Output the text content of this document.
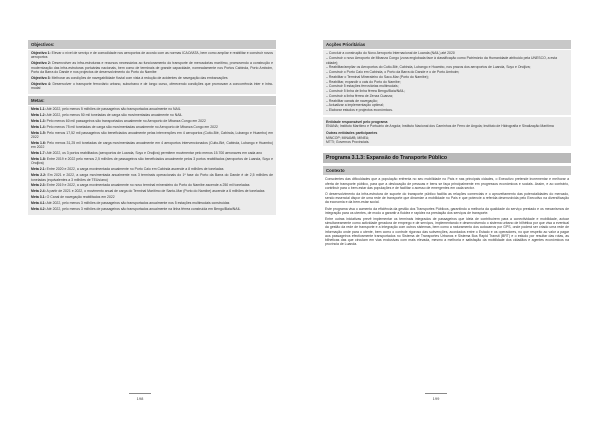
Objectivos:

Objectivo 1: Elevar o nível de serviço e de comodidade nos aeroportos de acordo com as normas ICAO/IATA, bem como ampliar e reabilitar e construir novos aeroportos

Objectivo 2: Desenvolver as infra-estruturas e recursos necessários ao funcionamento do transporte de mercadorias marítimo, promovendo a construção e modernização das infra-estruturas portuárias nacionais, bem como de terminais de grande capacidade, nomeadamente nos Portos Cabinda, Porto Amboim, Porto da Barra do Dande e nos projectos de desenvolvimento do Porto do Namibe

Objectivo 3: Melhorar as condições de navegabilidade fluvial com vista à redução de acidentes de navegação das embarcações

Objectivo 4: Desenvolver o transporte ferroviário urbano, suburbano e de longo curso, oferecendo condições que promovam a concorrência inter e intra-modal

Metas:

Meta 1.1: Até 2022, pelo menos 5 milhões de passageiros são transportados anualmente no NAIL

Meta 1.2: Até 2022, pelo menos 50 mil toneladas de carga são movimentadas anualmente no NAIL

Meta 1.3: Pelo menos 60 mil passageiros são transportados anualmente no Aeroporto de Mbanza Congo em 2022

Meta 1.4: Pelo menos 75 mil toneladas de carga são movimentadas anualmente no Aeroporto de Mbanza Congo em 2022

Meta 1.5: Pelo menos 17,52 mil passageiros são beneficiados anualmente pelas intervenções em 4 aeroportos (Cuito-Bié, Cabinda, Lubango e Huambo) em 2022

Meta 1.6: Pelo menos 31,25 mil toneladas de carga movimentadas anualmente em 4 aeroportos intervencionados (Cuito-Bié, Cabinda, Lubango e Huambo) em 2022

Meta 1.7: Até 2022, os 3 portos reabilitados (aeroportos de Luanda, Soyo e Ondjiva) permitem movimentar pelo menos 15.700 aeronaves em cada ano

Meta 1.8: Entre 2019 e 2022 pelo menos 2,5 milhões de passageiros são beneficiados anualmente pelos 3 portos reabilitados (aeroportos de Luanda, Soyo e Ondjiva)

Meta 2.1: Entre 2020 e 2022, a carga movimentada anualmente no Porto Caio em Cabinda ascende a 8 milhões de toneladas

Meta 2.2: Em 2021 e 2022, a carga movimentada anualmente nos 3 terminais operacionais do 1º fase do Porto da Barra do Dande é de 2,5 milhões de toneladas (equivalentes a 3 milhões de TEUs/ano)

Meta 2.3: Entre 2019 e 2022, a carga movimentada anualmente no novo terminal mineraleiro do Porto do Namibe ascende a 250 mil toneladas

Meta 2.4: A partir de 2021 e 2022, o movimento anual de carga do Terminal Marítimo de Santo-Mar (Porto do Namibe) ascende a 6 milhões de toneladas

Meta 3.1: O Canal de navegação reabilitados em 2022

Meta 4.1: Até 2022, pelo menos 3 milhões de passageiros são transportados anualmente nos 5 estações multimodais construídas

Meta 4.2: Até 2022, pelo menos 3 milhões de passageiros são transportados anualmente na linha férrea construída em Bengo/Baía/NAIL

198
Acções Prioritárias
– Concluir a construção do Novo Aeroporto Internacional de Luanda (NAIL) até 2020
– Construir o novo Aeroporto de Mbanza Congo (zona englobada face à classificação como Património da Humanidade atribuído pela UNESCO, a esta cidade);
– Reabilitar/ampliar os Aeroportos do Cuito-Bié, Cabinda, Lubango e Huambo, nos prazos dos aeroportos de Luanda, Soyo e Ondjiva;
– Construir o Porto Caio em Cabinda, o Porto da Barra do Dande e o de Porto Amboim;
– Reabilitar o Terminal Mineraleiro do Saco-Mar (Porto do Namibe);
– Reabilitar, expandir o cais do Porto do Namibe;
– Construir 5 estações ferroviárias multimodais;
– Construir 5 linha de linha férrea Bengo/Baía/NAIL;
– Construir a linha férrea de Zenza Cuanza;
– Reabilitar canais de navegação;
– Actualizar a implementação optimal;
– Elaborar estudos e projectos económicos.
Entidade responsável pelo programa
ENANA; Instituto Marítimo e Portuário de Angola; Instituto Nacional dos Caminhos de Ferro de Angola; Instituto de Hidrografia e Sinalização Marítima
Outras entidades participantes
MINCOP; MINAMB; MINEA;
MTTI; Governos Provinciais.
Programa 3.1.3: Expansão do Transporte Público
Contexto

Conscientes das dificuldades que a população enfrenta no seu mobilidade no País e nas principais cidades, o Executivo pretende incrementar e melhorar a oferta de transporte público, para que a deslocação de pessoas e bens se faça principalmente em progressos económicos e sociais. Assim, e ao contrário, contribuir para o bem-estar das populações e de facilitar o acesso de emergentes em cada sector.

O desenvolvimento da infra-estrutura de suporte do transporte público facilita as relações comerciais e o aproveitamento das potencialidades do mercado, sendo essencial dispor de uma rede de transporte que dinamize a mobilidade no País e que potencie a referida desenvolvida pelo Executivo na diversificação da economia e da bem-estar social.

Este programa visa o aumento da eficiência da gestão dos Transportes Públicos, garantindo a melhoria da qualidade do serviço prestado e os mecanismos de integração para os utentes, de modo a garantir a fluidez e rapidez na prestação dos serviços de transporte.

Entre outras iniciativas prevê implementar os terminais integrados de passageiros que ideia de contribuírem para a conectividade e mobilidade, actuar simultaneamente como actividade geradora de emprego e de serviços, implementando e desenvolvendo o sistema urbano de bilhética por que visa a eventual da gestão da rede de transporte e a integração com outros sistemas, bem como a naturamento dos autocarros por GPS, onde poderá ser criado uma rede de informação onde para o utente, bem como o controle rigoroso das subvenções, acordados entre o Estado e os operadores, no que respeito ao valor a pagar aos passageiros efectivamente transportados no Sistema de Transportes Urbanos e Sistema Bus Rapid Transit (BRT) e o estudo por resultar das rotas, as bilheticas das que circulam em vias exclusivas com mais elevada, mesmo a melhoria e satisfação da mobilidade dos cidadãos e agentes económicos na província de Luanda.

199
